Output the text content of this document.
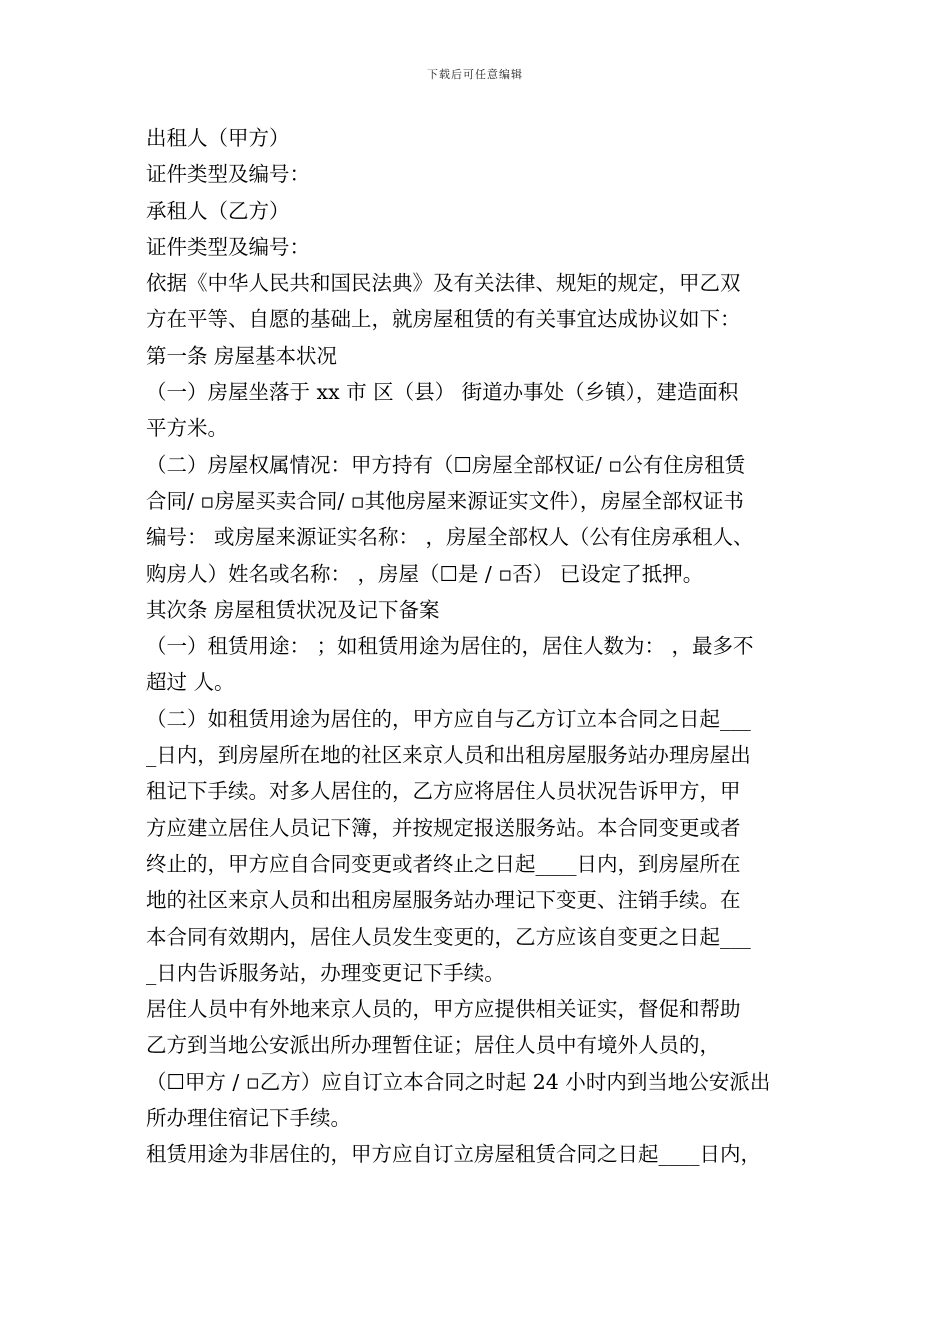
下载后可任意编辑
出租人（甲方）
证件类型及编号：
承租人（乙方）
证件类型及编号：
依据《中华人民共和国民法典》及有关法律、规矩的规定，甲乙双
方在平等、自愿的基础上，就房屋租赁的有关事宜达成协议如下：
第一条 房屋基本状况
（一）房屋坐落于 xx 市 区（县） 街道办事处（乡镇），建造面积
平方米。
（二）房屋权属情况：甲方持有（☐房屋全部权证/ ▫公有住房租赁
合同/ ▫房屋买卖合同/ ▫其他房屋来源证实文件），房屋全部权证书
编号： 或房屋来源证实名称： ，房屋全部权人（公有住房承租人、
购房人）姓名或名称： ，房屋（☐是 / ▫否） 已设定了抵押。
其次条 房屋租赁状况及记下备案
（一）租赁用途： ；如租赁用途为居住的，居住人数为： ，最多不
超过 人。
（二）如租赁用途为居住的，甲方应自与乙方订立本合同之日起___
_日内，到房屋所在地的社区来京人员和出租房屋服务站办理房屋出
租记下手续。对多人居住的，乙方应将居住人员状况告诉甲方，甲
方应建立居住人员记下簿，并按规定报送服务站。本合同变更或者
终止的，甲方应自合同变更或者终止之日起____日内，到房屋所在
地的社区来京人员和出租房屋服务站办理记下变更、注销手续。在
本合同有效期内，居住人员发生变更的，乙方应该自变更之日起___
_日内告诉服务站，办理变更记下手续。
居住人员中有外地来京人员的，甲方应提供相关证实，督促和帮助
乙方到当地公安派出所办理暂住证；居住人员中有境外人员的，
（☐甲方 / ▫乙方）应自订立本合同之时起 24 小时内到当地公安派出
所办理住宿记下手续。
租赁用途为非居住的，甲方应自订立房屋租赁合同之日起____日内，
